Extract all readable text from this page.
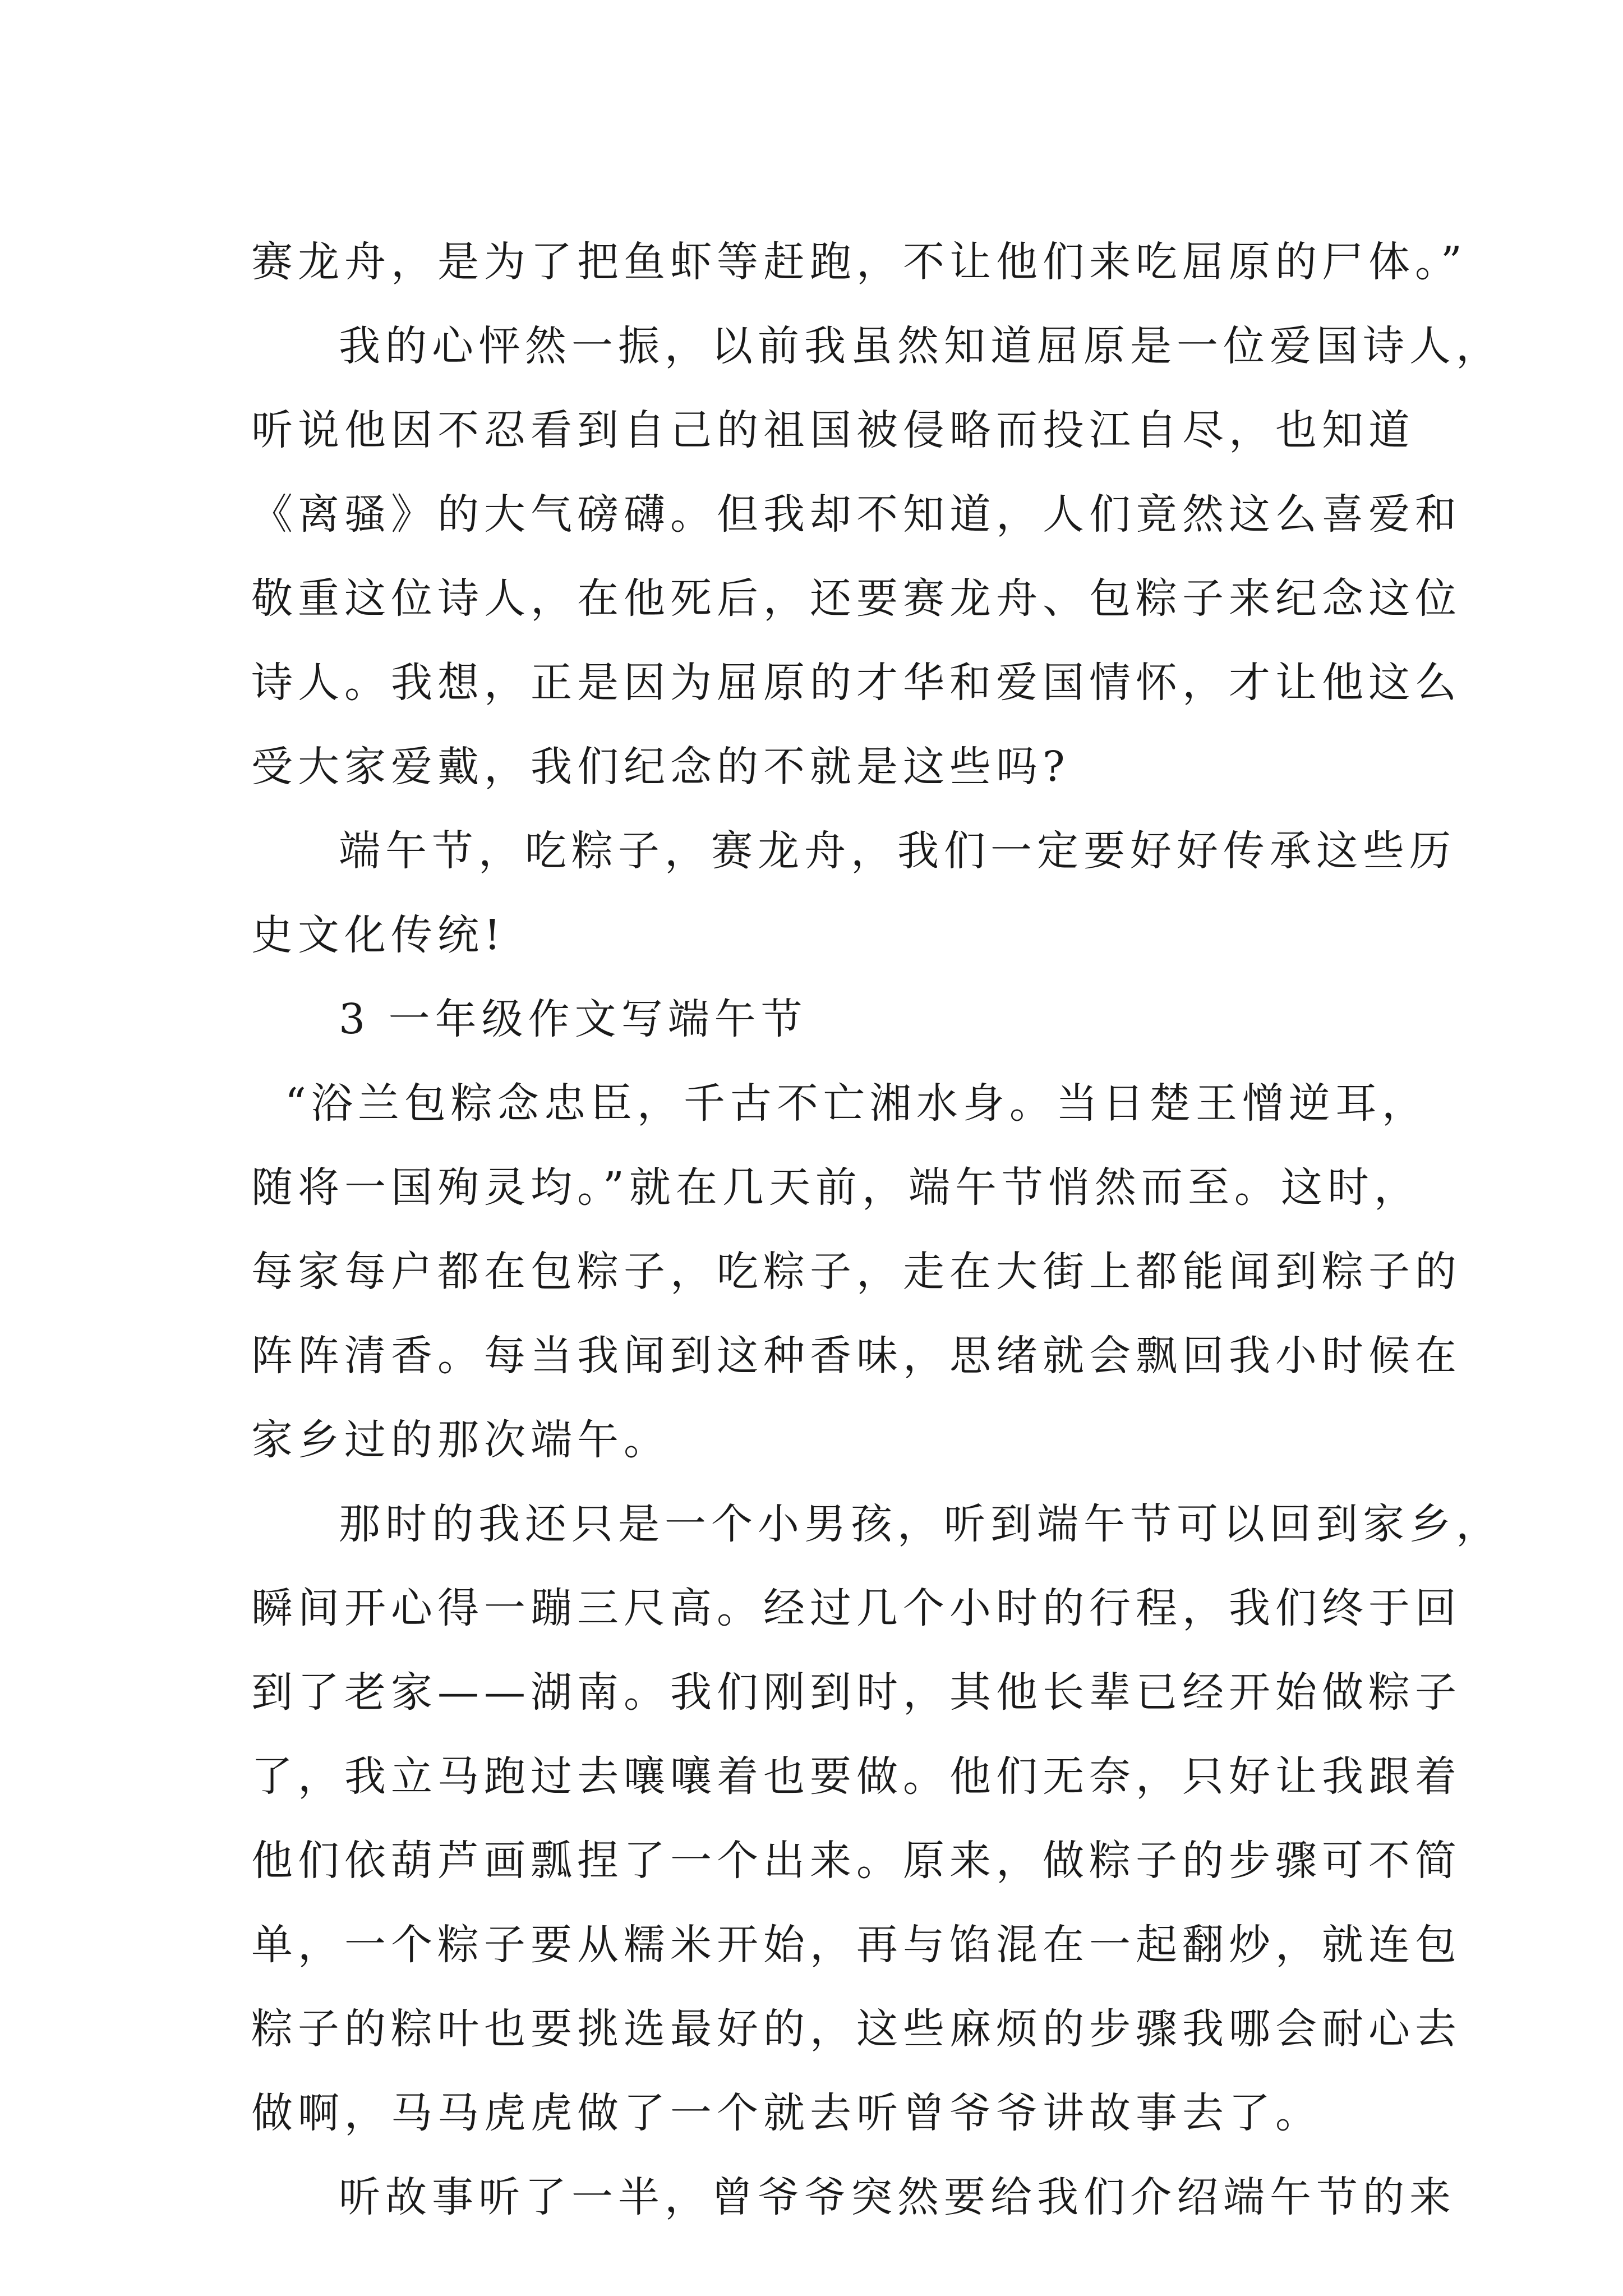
赛龙舟，是为了把鱼虾等赶跑，不让他们来吃屈原的尸体。”
我的心怦然一振，以前我虽然知道屈原是一位爱国诗人，
听说他因不忍看到自己的祖国被侵略而投江自尽，也知道
《离骚》的大气磅礴。但我却不知道，人们竟然这么喜爱和
敬重这位诗人，在他死后，还要赛龙舟、包粽子来纪念这位
诗人。我想，正是因为屈原的才华和爱国情怀，才让他这么
受大家爱戴，我们纪念的不就是这些吗?
端午节，吃粽子，赛龙舟，我们一定要好好传承这些历
史文化传统!
3 一年级作文写端午节
“浴兰包粽念忠臣，千古不亡湘水身。当日楚王憎逆耳，
随将一国殉灵均。”就在几天前，端午节悄然而至。这时，
每家每户都在包粽子，吃粽子，走在大街上都能闻到粽子的
阵阵清香。每当我闻到这种香味，思绪就会飘回我小时候在
家乡过的那次端午。
那时的我还只是一个小男孩，听到端午节可以回到家乡，
瞬间开心得一蹦三尺高。经过几个小时的行程，我们终于回
到了老家——湖南。我们刚到时，其他长辈已经开始做粽子
了，我立马跑过去嚷嚷着也要做。他们无奈，只好让我跟着
他们依葫芦画瓢捏了一个出来。原来，做粽子的步骤可不简
单，一个粽子要从糯米开始，再与馅混在一起翻炒，就连包
粽子的粽叶也要挑选最好的，这些麻烦的步骤我哪会耐心去
做啊，马马虎虎做了一个就去听曾爷爷讲故事去了。
听故事听了一半，曾爷爷突然要给我们介绍端午节的来
